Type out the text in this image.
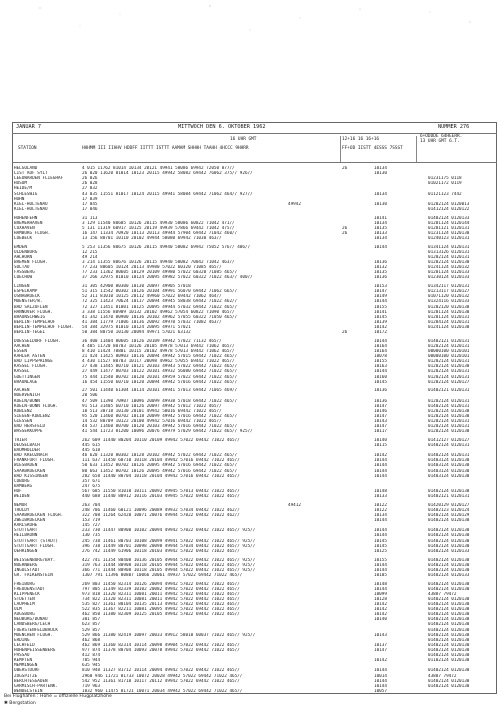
JANUAR 7	MITTWOCH DEN 6. OKTOBER 1962	NUMMER 276
16 UHR GMT	12+16 16 16+16
6+ODDDE 64HEERR.
13 UHR GMT 6.T.
STATION	HHHMM III IIHHV HDDFF IITTT ISTTT AAMAM SHHHH TAAHH 4HCCC 9HHRR	FF+OD IISTT 4ESSS 7SSST
HELGOLAND	4 015 11762 81014 10134 20121 49941 58086 69942 72050 877//	26	10134
LIST AUF SYLT	26 020 11620 81014 10123 20115 49942 58082 69442 76062 375// 926//	10130
LEEUWARDEN FLIEGHAF	26 026	01231175 0118
HUSUM	26 028	01021172 0119
HEIDE/M	27 032
SCHLESWIG	43 035 11551 81017 10124 20115 49941 58084 69442 71062 464// 927//	10134	01121123 7442
HOHN	17 039
KIEL-HOLTENAU	17 045	49942	10130	01202124 0120013
KIEL-HOLTENAU	17 046	01412124 0120122
HOHENFEHN	31 113	10141	01402124 0120133
BREMERHAVEN	3 129 11540 80685 10126 20115 49930 58086 60822 71042 471//	10134	01201124 0120144
CUXHAVEN	5 131 11319 60917 10125 20119 49939 57866 69442 71042 475//	26	10135	01201121 0120131
HAMBURG FLUGH.	16 147 11334 70920 10113 20113 49944 57904 69442 71042 460//	26	10133	01231124 0120130
LUEBECK	13 156 80701 10110 20102 49944 58080 69942 71030 463//	10134	01240123 0120131
EMDEN	5 253 11356 80675 10126 20115 49940 58082 69942 75052 576// 406//	10144	01341124 0120131
OLDENBURG	12 215	01313126 0120131
AHLHORN	49 214	01202124 0120131
BREMEN FLUGH.	3 214 11355 80676 10126 20115 49940 58082 70042 71042 463//	10136	01202124 0120130
SOLTAU	77 233 80605 10124 20113 49980 57022 60320 71085 465//	10132	01241124 0120132
FASSBERG	77 233 11362 80605 10129 20109 49980 57022 60320 71085 465//	10135	01201124 0120133
LUECHOW	37 266 32975 81010 10124 20095 49982 57022 60322 71022 463// 400//	10136	01230124 0120133
LINGEN	31 305 42900 80300 10130 20097 49905 57018	10153	01342117 0120131
ESPELKAMP	51 315 11542 80302 10126 20104 49991 56070 69442 71062 665//	10147	01213117 0120127
OSNABRUECK	52 311 81010 10125 20112 49960 57022 69442 71062 464//	10149	01071120 0120132
MUENSTER/W.	72 325 11423 70624 10117 20094 49945 58038 69442 71022 462//	10144	01324116 0120133
BAD SALZUFLEN	72 327 11451 81001 10125 20095 49944 57032 69442 71022 465//	10155	01202120 0120130
HANNOVER FLUGH.	3 338 11556 80909 10132 20102 49962 57054 60822 71090 465//	10141	01201124 0120130
BRAUNSCHWEIG	41 342 11470 80900 10136 20102 49962 57055 60322 71050 465//	10145	01201124 0120131
BERLIN-TEMPELHOF	41 384 11779 71006 10136 20092 49970 57032 71082 463//	10139	01204124 0120131
BERLIN-TEMPELHOF FLUGH.	54 384 32975 81010 10124 20095 49971 57021	10142	01241124 0120130
BERLIN-TEGEL	50 384 80750 10130 20094 49971 57021 63132	26	10172
DUESSELDORF FLUGH.	36 400 11404 80605 10126 20109 49942 57022 71132 465//	10144	01402121 0120131
AACHEN	4 405 11720 80703 10126 20105 49978 57013 69442 71062 465//	10164	01202124 0120131
ESSEN	8 410 11424 70801 10115 20102 49978 57013 69442 71062 465//	10164	00000100 0120101
KAHLER ASTEN	21 424 11425 80903 10116 20094 49942 57015 69442 71022 465//	10078	00000100 0120101
BAD LIPPSPRINGE	4 430 11527 80703 10117 20098 49962 57055 69442 71022 465//	10155	01202124 0120131
KASSEL FLUGH.	27 438 11445 80710 10121 20103 49943 57022 69442 71022 465//	10163	01202124 0120130
KASSEL	27 449 11477 80703 10122 20101 49932 56080 69442 71022 465//	10144	01202124 0120131
GOETTINGEN	75 444 11540 80702 10120 20101 49959 57022 69442 71022 465//	10160	01202124 0120131
BRAUNLAGE	16 454 11550 60710 10120 20094 49942 57016 69442 71022 465//	10145	01202124 0120127
AACHEN	27 501 11440 61304 10114 20101 49941 57013 69442 71065 469//	10136	01402121 0120131
NOERVENICH	20 506
KOELN/BONN	47 509 11390 70907 10096 20099 49938 57018 69442 71022 465//	10136	01202124 0120131
KOELN-BONN FLUGH.	91 513 31405 60710 10126 20097 49942 57012 71022 465//	10147	01402124 0120131
KOBLENZ	10 513 30718 10130 20101 49942 58016 69442 71022 465//	10146	01202124 0120130
SIEGEN-KOBLENZ	95 520 11460 80702 10118 20099 49942 57016 69442 71022 465//	10147	01202124 0120130
GIESSEN	14 532 80709 10122 20100 49942 57016 69442 71022 465//	10143	01202124 0120131
BAD HERSFELD	44 537 11460 80700 10120 20103 49942 57016 69442 71022 465//	10147	01202124 0120131
WASSERKUPPE	41 544 11723 81200 10096 20076 49979 57029 69442 71022 465// 925//	10117	01202124 0120130
TRIER	262 609 11440 80204 10110 20109 49942 57022 69442 71022 465//	10140	01412127 0120127
DEUSELBACH	445 615	10115	01402124 0120131
BAUMHOLDER	445 618
BAD KREUZNACH	46 620 11320 80302 10128 20102 49942 57022 69442 71022 465//	10142	01402124 0120131
FRANKFURT FLUGH.	111 637 11450 60710 10118 20104 49942 57016 69442 71022 465//	10144	01403124 0120130
WIESBADEN	50 633 11452 80702 10126 20095 49942 57016 69442 71022 465//	10144	01403124 0120130
SAARBRUECKEN	80 663 11452 80702 10126 20095 49942 57016 69442 71022 465//	10144	01403124 0120130
BAD KISSINGEN	282 658 11440 80704 10118 20104 49942 57016 69442 71022 465//	10144	01403124 0120130
COBURG	357 671
BAMBERG	247 675
HOF	567 685 11550 81010 10111 20092 49945 57013 69442 71022 465//	10148	01402124 0120130
WEIDEN	440 688 11440 80912 10116 20103 49945 57022 69442 71022 465//	10133	01402121 0120131
NEMUR	263 704	49412	10122	01420129 0120127
TROLDY	248 706 11460 60121 10096 20089 49932 57034 69442 71022 462//	10122	01402123 0120124
SAARBRUECKEN FLUGH.	322 708 11264 62420 10071 20076 49944 57022 69442 71022 462//	10134	01402124 0120129
ZWEIBRUECKEN	153 719	10144	01402124 0120130
KARLSRUHE	145 727
STUTTGART	233 730 11447 80900 10102 20094 49942 57022 69442 71022 465// 925//	10144	01402124 0120130
HEILBRONN	130 735	10144	01402124 0120130
STUTTGART (STADT)	245 738 11461 80703 10108 20099 49941 57022 69442 71022 465// 925//	10145	01402124 0120130
STUTTGART FLUGH.	396 738 11449 80701 10098 20098 49944 57034 69442 71022 465// 925//	10145	01402124 0120130
OEHRINGEN	276 742 11449 61906 10118 20103 49942 57022 69442 71022 465//	10125	01402124 0120133
WEISSENBURG/BAY.	422 741 11354 80408 10136 20105 49944 57022 69442 71022 465// 925//	10155	01402124 0120130
NUERNBERG	319 763 11444 80908 10118 20105 49944 57022 69442 71022 465// 925//	10144	01402124 0120130
INGOLSTADT	366 771 11444 80908 10118 20105 49944 57022 69442 71022 465// 925//	10144	01402124 0120130
GR. FALKENSTEIN	1307 791 11396 80807 10066 20061 49937 57022 69442 71022 465//	10105	01402124 0120133
FREIBURG	269 803 11450 82314 10126 20094 49942 57022 69442 71022 465//	10148	01402124 0120130
FREUDENSTADT	797 805 11349 82339 10102 20082 49942 57022 69442 71022 465//	10144	01402124 0120130
KLIPPENECK	973 818 11320 82311 10081 20011 49942 57022 69442 71022 465//	10099	43887 79472
STOETTEN	734 822 11320 82311 10081 20011 49942 57022 69442 71022 465//	10128	01402124 0120130
LAUPHEIM	535 827 11361 80104 10135 20113 49942 57022 69442 71022 465//	10142	01402124 0120130
ULM	522 835 11367 82211 10081 20095 49942 57022 69442 71022 465//	10142	01402124 0120130
AUGSBURG	462 850 11380 82309 10125 20105 49942 57022 69442 71022 465//	10142	01402124 0120130
NEUBURG/DONAU	381 857	10140	01402124 0120130
LANDSBERG/LECH	623 857	01402124 0120130
FUERSTENFELDBRUCK	529 857	01402124 0120130
MUENCHEN FLUGH.	529 866 11380 82419 10097 20033 49912 58018 60037 71022 465// 925//	10143	01402124 0120130
ERDING	462 868	01402124 0120130
LECHFELD	462 869 11360 82314 10114 20098 49904 57022 69442 71022 465//	10137	01402124 0120130
HOHENPEISSENBERG	977 874 11378 80704 10093 20078 49942 57022 69442 71022 465//	10147	01402124 0120130
PASSAU	412 874	01402124 0120130
KEMPTEN	705 944	10142	01102124 0120130
MEMMINGEN	635 945
OBERSTDORF	810 948 11327 81712 10114 20094 49942 57022 69442 71022 465//	10144	01402124 0120130
ZUGSPITZE	2960 946 11721 81733 10072 20028 49942 57022 69442 71022 465//	10014	43887 79472
BERCHTESGADEN	542 952 11361 81710 10117 20112 49942 57022 69442 71022 465//	10144	01402124 0120130
GARMISCH-PARTENK.	719 963	10144	01402124 0120130
WENDELSTEIN	1832 960 11475 81721 10071 20034 49942 57022 69442 71022 465//	10057
Bei Flughäfen : Höhe = offizielle Flugplatzhöhe
✱ Bergstation
